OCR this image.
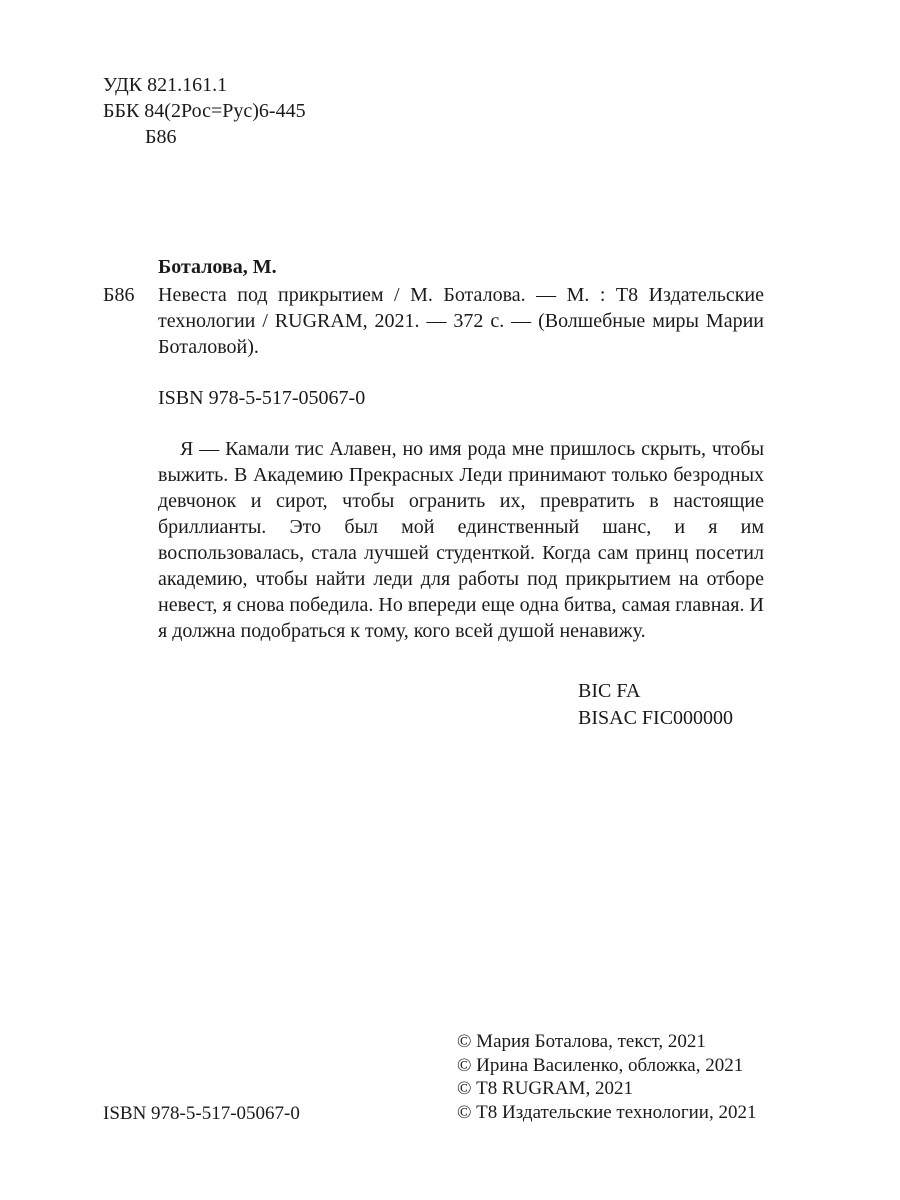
УДК 821.161.1
ББК 84(2Рос=Рус)6-445
Б86
Боталова, М.
Б86 Невеста под прикрытием / М. Боталова. — М. : Т8 Издательские технологии / RUGRAM, 2021. — 372 с. — (Волшебные миры Марии Боталовой).
ISBN 978-5-517-05067-0

Я — Камали тис Алавен, но имя рода мне пришлось скрыть, чтобы выжить. В Академию Прекрасных Леди принимают только безродных девчонок и сирот, чтобы огранить их, превратить в настоящие бриллианты. Это был мой единственный шанс, и я им воспользовалась, стала лучшей студенткой. Когда сам принц посетил академию, чтобы найти леди для работы под прикрытием на отборе невест, я снова победила. Но впереди еще одна битва, самая главная. И я должна подобраться к тому, кого всей душой ненавижу.

BIC FA
BISAC FIC000000
© Мария Боталова, текст, 2021
© Ирина Василенко, обложка, 2021
© Т8 RUGRAM, 2021
© Т8 Издательские технологии, 2021
ISBN 978-5-517-05067-0
